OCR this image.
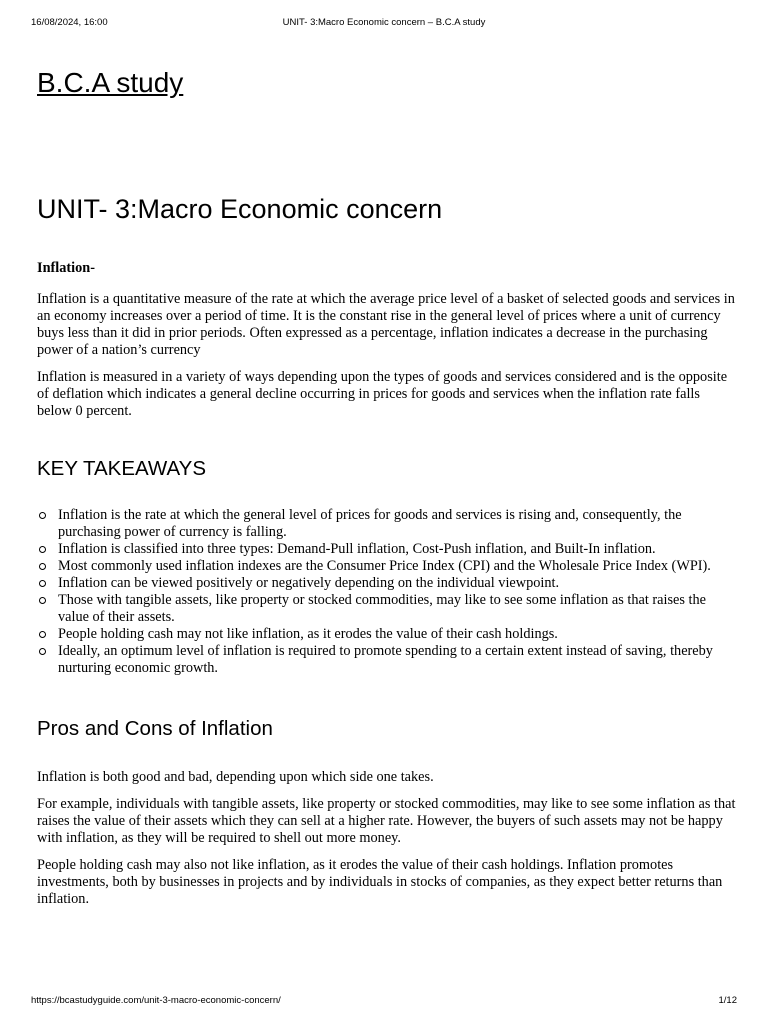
16/08/2024, 16:00	UNIT- 3:Macro Economic concern – B.C.A study
B.C.A study
UNIT- 3:Macro Economic concern

Inflation-

Inflation is a quantitative measure of the rate at which the average price level of a basket of selected goods and services in an economy increases over a period of time. It is the constant rise in the general level of prices where a unit of currency buys less than it did in prior periods. Often expressed as a percentage, inflation indicates a decrease in the purchasing power of a nation’s currency

Inflation is measured in a variety of ways depending upon the types of goods and services considered and is the opposite of deflation which indicates a general decline occurring in prices for goods and services when the inflation rate falls below 0 percent.

KEY TAKEAWAYS
Inflation is the rate at which the general level of prices for goods and services is rising and, consequently, the purchasing power of currency is falling.
Inflation is classified into three types: Demand-Pull inflation, Cost-Push inflation, and Built-In inflation.
Most commonly used inflation indexes are the Consumer Price Index (CPI) and the Wholesale Price Index (WPI).
Inflation can be viewed positively or negatively depending on the individual viewpoint.
Those with tangible assets, like property or stocked commodities, may like to see some inflation as that raises the value of their assets.
People holding cash may not like inflation, as it erodes the value of their cash holdings.
Ideally, an optimum level of inflation is required to promote spending to a certain extent instead of saving, thereby nurturing economic growth.
Pros and Cons of Inflation

Inflation is both good and bad, depending upon which side one takes.

For example, individuals with tangible assets, like property or stocked commodities, may like to see some inflation as that raises the value of their assets which they can sell at a higher rate. However, the buyers of such assets may not be happy with inflation, as they will be required to shell out more money.

People holding cash may also not like inflation, as it erodes the value of their cash holdings. Inflation promotes investments, both by businesses in projects and by individuals in stocks of companies, as they expect better returns than inflation.

https://bcastudyguide.com/unit-3-macro-economic-concern/	1/12
